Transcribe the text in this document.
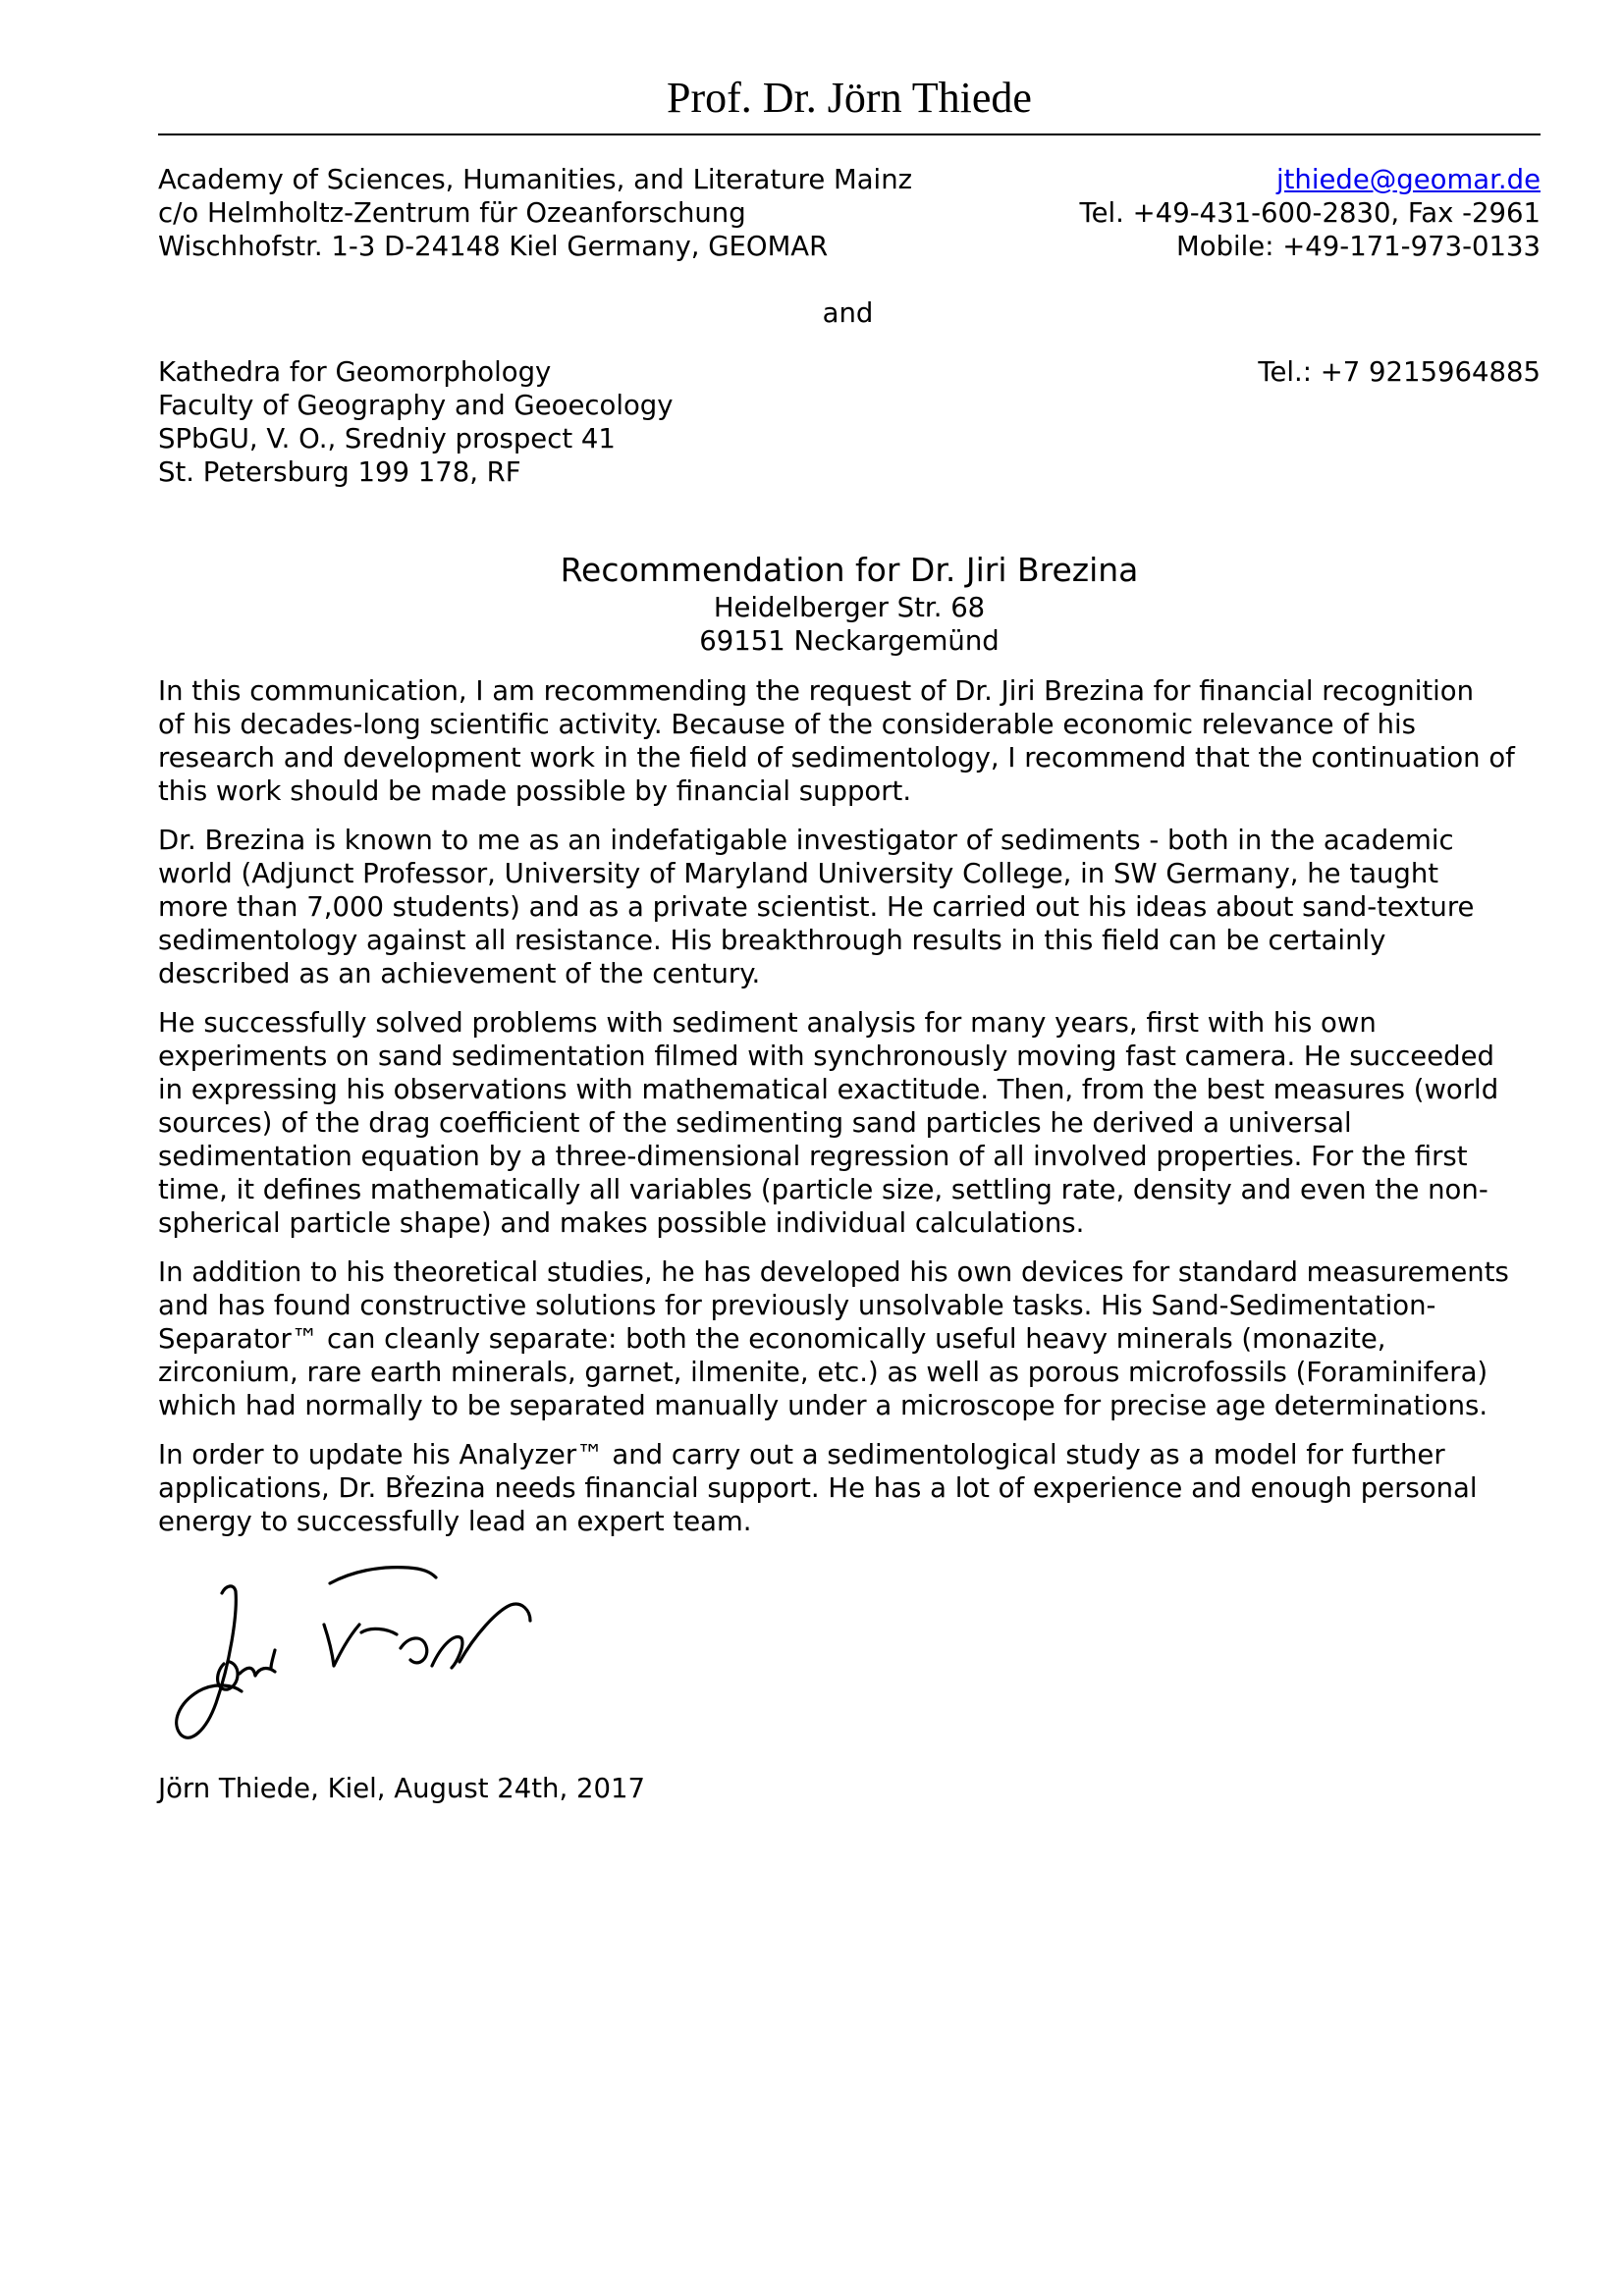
Prof. Dr. Jörn Thiede
Academy of Sciences, Humanities, and Literature Mainz
c/o Helmholtz-Zentrum für Ozeanforschung
Wischhofstr. 1-3 D-24148 Kiel Germany, GEOMAR
jthiede@geomar.de
Tel. +49-431-600-2830, Fax -2961
Mobile: +49-171-973-0133
and
Kathedra for Geomorphology
Faculty of Geography and Geoecology
SPbGU, V. O., Sredniy prospect 41
St. Petersburg 199 178, RF
Tel.: +7 9215964885
Recommendation for Dr. Jiri Brezina
Heidelberger Str. 68
69151 Neckargemünd

In this communication, I am recommending the request of Dr. Jiri Brezina for financial recognition
of his decades-long scientific activity. Because of the considerable economic relevance of his
research and development work in the field of sedimentology, I recommend that the continuation of
this work should be made possible by financial support.

Dr. Brezina is known to me as an indefatigable investigator of sediments - both in the academic
world (Adjunct Professor, University of Maryland University College, in SW Germany, he taught
more than 7,000 students) and as a private scientist. He carried out his ideas about sand-texture
sedimentology against all resistance. His breakthrough results in this field can be certainly
described as an achievement of the century.

He successfully solved problems with sediment analysis for many years, first with his own
experiments on sand sedimentation filmed with synchronously moving fast camera. He succeeded
in expressing his observations with mathematical exactitude. Then, from the best measures (world
sources) of the drag coefficient of the sedimenting sand particles he derived a universal
sedimentation equation by a three-dimensional regression of all involved properties. For the first
time, it defines mathematically all variables (particle size, settling rate, density and even the non-
spherical particle shape) and makes possible individual calculations.

In addition to his theoretical studies, he has developed his own devices for standard measurements
and has found constructive solutions for previously unsolvable tasks. His Sand-Sedimentation-
Separator™ can cleanly separate: both the economically useful heavy minerals (monazite,
zirconium, rare earth minerals, garnet, ilmenite, etc.) as well as porous microfossils (Foraminifera)
which had normally to be separated manually under a microscope for precise age determinations.

In order to update his Analyzer™ and carry out a sedimentological study as a model for further
applications, Dr. Březina needs financial support. He has a lot of experience and enough personal
energy to successfully lead an expert team.

Jörn Thiede, Kiel, August 24th, 2017
